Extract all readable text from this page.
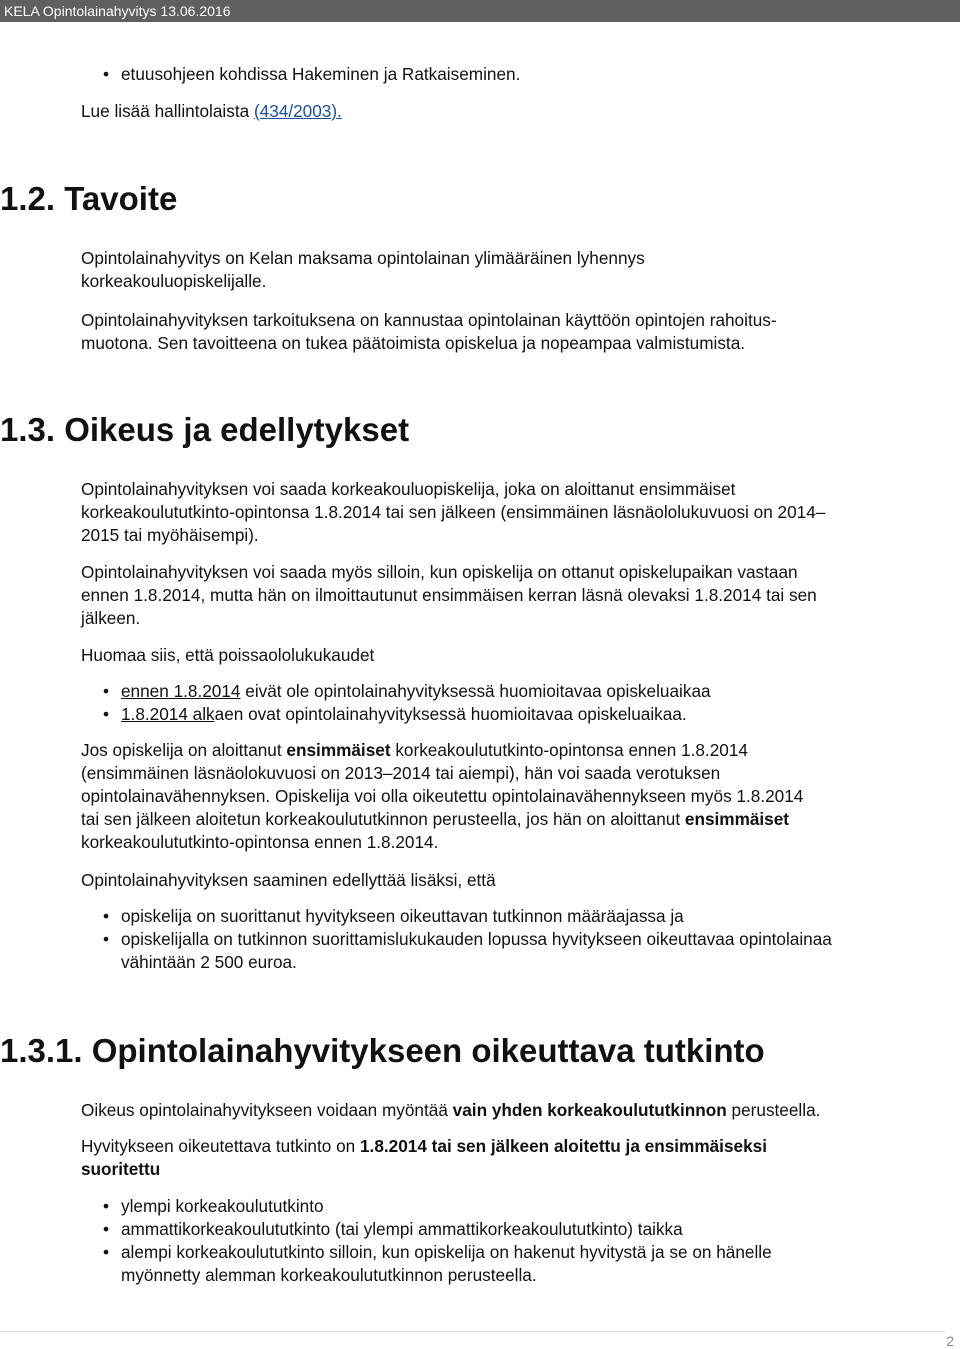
KELA Opintolainahyvitys 13.06.2016
• etuusohjeen kohdissa Hakeminen ja Ratkaiseminen.

Lue lisää hallintolaista (434/2003).

1.2. Tavoite

Opintolainahyvitys on Kelan maksama opintolainan ylimääräinen lyhennys
korkeakouluopiskelijalle.

Opintolainahyvityksen tarkoituksena on kannustaa opintolainan käyttöön opintojen rahoitus-
muotona. Sen tavoitteena on tukea päätoimista opiskelua ja nopeampaa valmistumista.

1.3. Oikeus ja edellytykset

Opintolainahyvityksen voi saada korkeakouluopiskelija, joka on aloittanut ensimmäiset
korkeakoulututkinto-opintonsa 1.8.2014 tai sen jälkeen (ensimmäinen läsnäololukuvuosi on 2014–
2015 tai myöhäisempi).

Opintolainahyvityksen voi saada myös silloin, kun opiskelija on ottanut opiskelupaikan vastaan
ennen 1.8.2014, mutta hän on ilmoittautunut ensimmäisen kerran läsnä olevaksi 1.8.2014 tai sen
jälkeen.

Huomaa siis, että poissaololukukaudet

• ennen 1.8.2014 eivät ole opintolainahyvityksessä huomioitavaa opiskeluaikaa
• 1.8.2014 alkaen ovat opintolainahyvityksessä huomioitavaa opiskeluaikaa.

Jos opiskelija on aloittanut ensimmäiset korkeakoulututkinto-opintonsa ennen 1.8.2014
(ensimmäinen läsnäolokuvuosi on 2013–2014 tai aiempi), hän voi saada verotuksen
opintolainavähennyksen. Opiskelija voi olla oikeutettu opintolainavähennykseen myös 1.8.2014
tai sen jälkeen aloitetun korkeakoulututkinnon perusteella, jos hän on aloittanut ensimmäiset
korkeakoulututkinto-opintonsa ennen 1.8.2014.

Opintolainahyvityksen saaminen edellyttää lisäksi, että

• opiskelija on suorittanut hyvitykseen oikeuttavan tutkinnon määräajassa ja
• opiskelijalla on tutkinnon suorittamislukukauden lopussa hyvitykseen oikeuttavaa opintolainaa
vähintään 2 500 euroa.
1.3.1. Opintolainahyvitykseen oikeuttava tutkinto

Oikeus opintolainahyvitykseen voidaan myöntää vain yhden korkeakoulututkinnon perusteella.

Hyvitykseen oikeutettava tutkinto on 1.8.2014 tai sen jälkeen aloitettu ja ensimmäiseksi
suoritettu

• ylempi korkeakoulututkinto
• ammattikorkeakoulututkinto (tai ylempi ammattikorkeakoulututkinto) taikka
• alempi korkeakoulututkinto silloin, kun opiskelija on hakenut hyvitystä ja se on hänelle
myönnetty alemman korkeakoulututkinnon perusteella.
2
